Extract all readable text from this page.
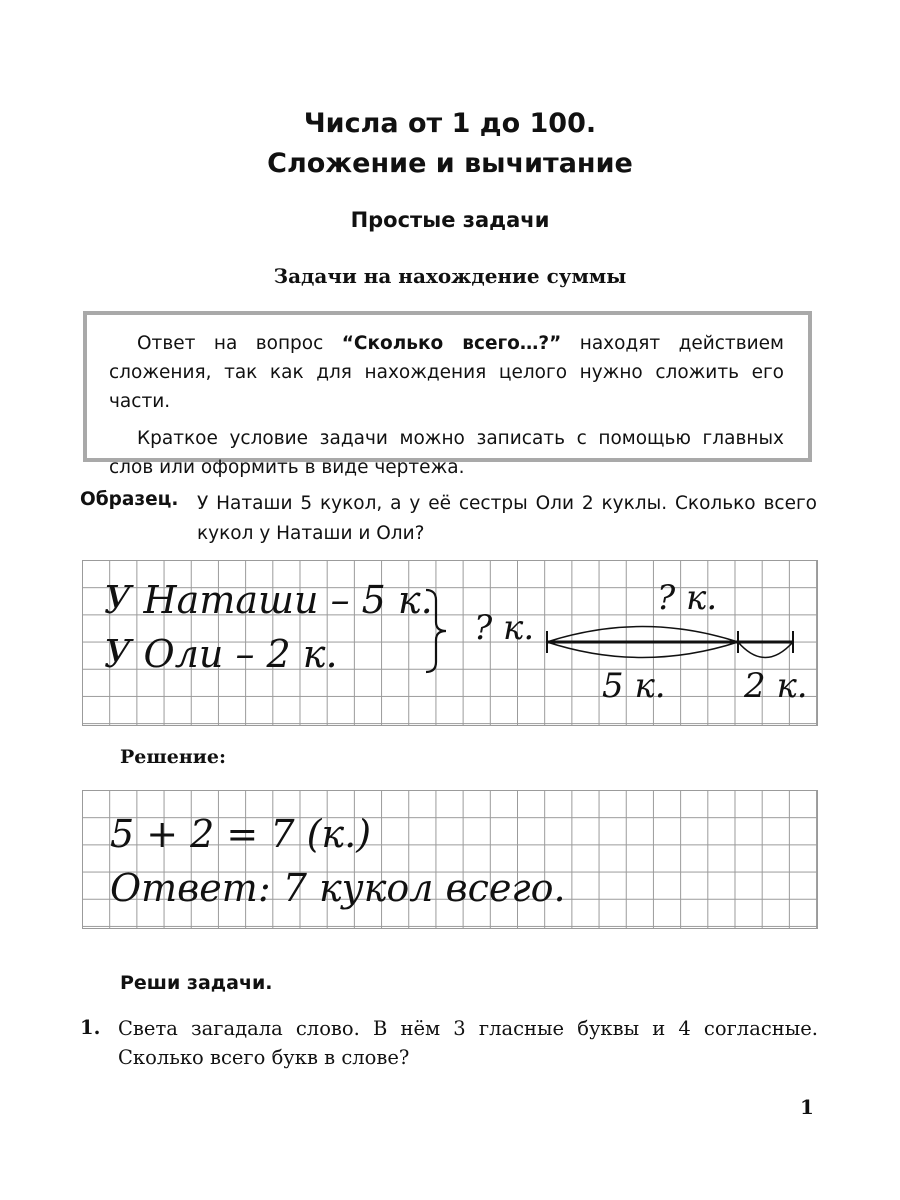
Числа от 1 до 100.
Сложение и вычитание
Простые задачи
Задачи на нахождение суммы

Ответ на вопрос “Сколько всего…?” находят действием сложения, так как для нахождения целого нужно сложить его части.

Краткое условие задачи можно записать с помощью главных слов или оформить в виде чертежа.

Образец. У Наташи 5 кукол, а у её сестры Оли 2 куклы. Сколько всего кукол у Наташи и Оли?
У Наташи – 5 к.
У Оли – 2 к.
? к.
? к.
5 к. 2 к.
Решение:
5 + 2 = 7 (к.)
Ответ: 7 кукол всего.
Реши задачи.
1. Света загадала слово. В нём 3 гласные буквы и 4 согласные. Сколько всего букв в слове?
1
